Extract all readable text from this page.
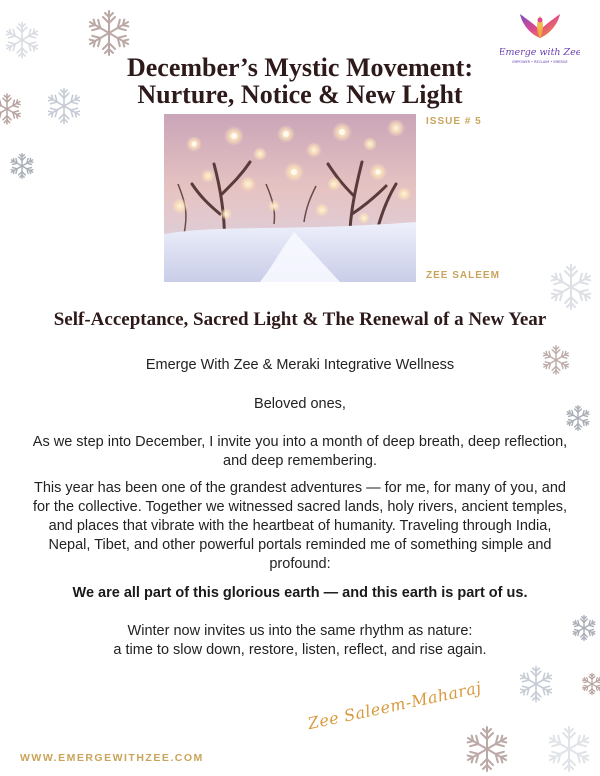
Emerge with Zee
EMPOWER • RECLAIM • EMERGE
December’s Mystic Movement:
Nurture, Notice & New Light
ISSUE # 5
ZEE SALEEM
Self-Acceptance, Sacred Light & The Renewal of a New Year

Emerge With Zee & Meraki Integrative Wellness

Beloved ones,

As we step into December, I invite you into a month of deep breath, deep reflection, and deep remembering.

This year has been one of the grandest adventures — for me, for many of you, and for the collective. Together we witnessed sacred lands, holy rivers, ancient temples, and places that vibrate with the heartbeat of humanity. Traveling through India, Nepal, Tibet, and other powerful portals reminded me of something simple and profound:

We are all part of this glorious earth — and this earth is part of us.

Winter now invites us into the same rhythm as nature:
a time to slow down, restore, listen, reflect, and rise again.

Zee Saleem-Maharaj
WWW.EMERGEWITHZEE.COM
